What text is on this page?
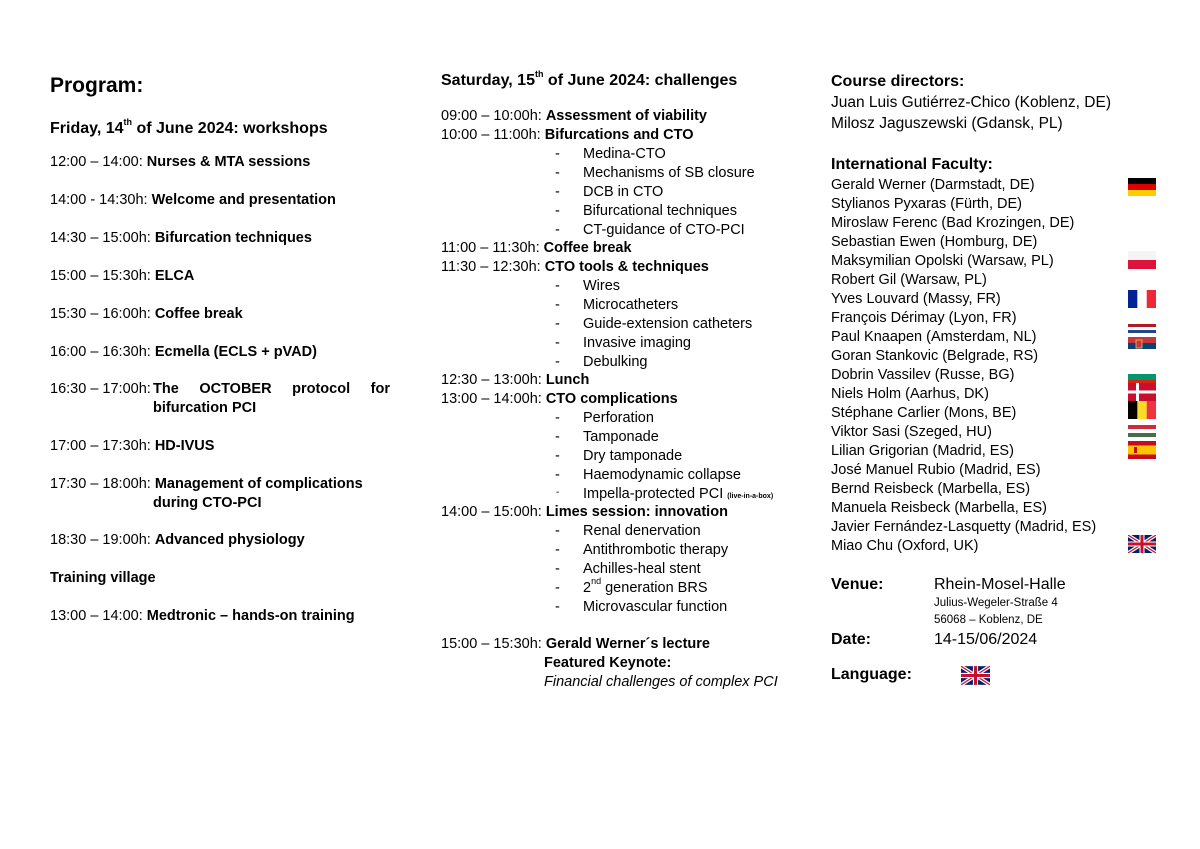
Program:
Friday, 14th of June 2024: workshops
12:00 – 14:00: Nurses & MTA sessions
14:00 - 14:30h: Welcome and presentation
14:30 – 15:00h: Bifurcation techniques
15:00 – 15:30h: ELCA
15:30 – 16:00h: Coffee break
16:00 – 16:30h: Ecmella (ECLS + pVAD)
16:30 – 17:00h: The OCTOBER protocol for
bifurcation PCI
17:00 – 17:30h: HD-IVUS
17:30 – 18:00h: Management of complications
during CTO-PCI
18:30 – 19:00h: Advanced physiology
Training village
13:00 – 14:00: Medtronic – hands-on training
Saturday, 15th of June 2024: challenges
09:00 – 10:00h: Assessment of viability
10:00 – 11:00h: Bifurcations and CTO
- Medina-CTO
- Mechanisms of SB closure
- DCB in CTO
- Bifurcational techniques
- CT-guidance of CTO-PCI
11:00 – 11:30h: Coffee break
11:30 – 12:30h: CTO tools & techniques
- Wires
- Microcatheters
- Guide-extension catheters
- Invasive imaging
- Debulking
12:30 – 13:00h: Lunch
13:00 – 14:00h: CTO complications
- Perforation
- Tamponade
- Dry tamponade
- Haemodynamic collapse
- Impella-protected PCI (live-in-a-box)
14:00 – 15:00h: Limes session: innovation
- Renal denervation
- Antithrombotic therapy
- Achilles-heal stent
- 2nd generation BRS
- Microvascular function
15:00 – 15:30h: Gerald Werner´s lecture
Featured Keynote:
Financial challenges of complex PCI
Course directors:
Juan Luis Gutiérrez-Chico (Koblenz, DE)
Milosz Jaguszewski (Gdansk, PL)
International Faculty:
Gerald Werner (Darmstadt, DE)
Stylianos Pyxaras (Fürth, DE)
Miroslaw Ferenc (Bad Krozingen, DE)
Sebastian Ewen (Homburg, DE)
Maksymilian Opolski (Warsaw, PL)
Robert Gil (Warsaw, PL)
Yves Louvard (Massy, FR)
François Dérimay (Lyon, FR)
Paul Knaapen (Amsterdam, NL)
Goran Stankovic (Belgrade, RS)
Dobrin Vassilev (Russe, BG)
Niels Holm (Aarhus, DK)
Stéphane Carlier (Mons, BE)
Viktor Sasi (Szeged, HU)
Lilian Grigorian (Madrid, ES)
José Manuel Rubio (Madrid, ES)
Bernd Reisbeck (Marbella, ES)
Manuela Reisbeck (Marbella, ES)
Javier Fernández-Lasquetty (Madrid, ES)
Miao Chu (Oxford, UK)
Venue:	Rhein-Mosel-Halle
Julius-Wegeler-Straße 4
56068 – Koblenz, DE
Date:	14-15/06/2024
Language:
